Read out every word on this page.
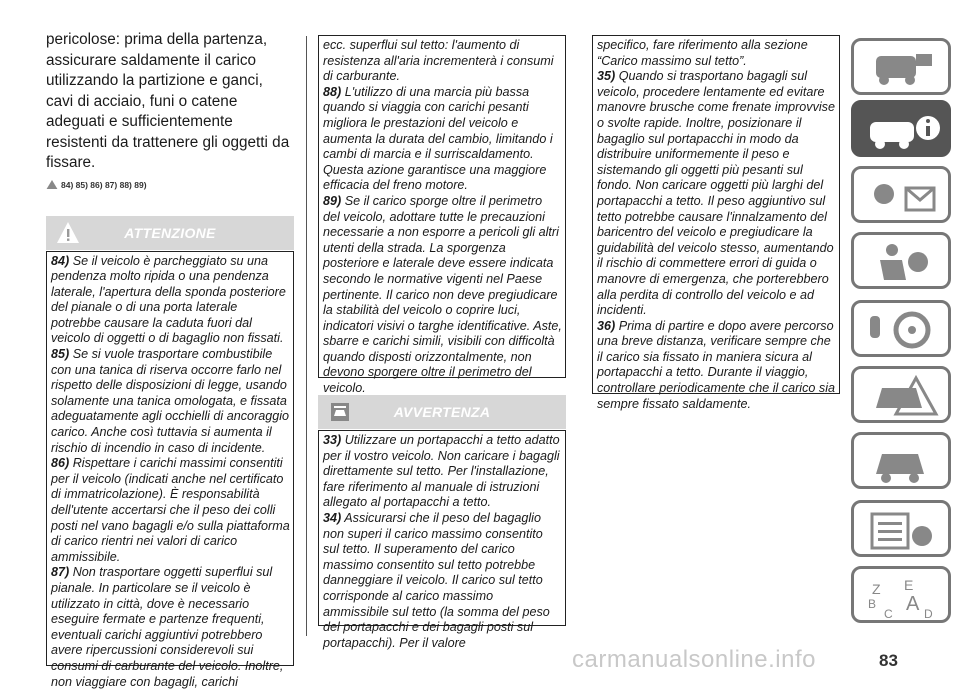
pericolose: prima della partenza, assicurare saldamente il carico utilizzando la partizione e ganci, cavi di acciaio, funi o catene adeguati e sufficientemente resistenti da trattenere gli oggetti da fissare.

84) 85) 86) 87) 88) 89)
ATTENZIONE

84) Se il veicolo è parcheggiato su una pendenza molto ripida o una pendenza laterale, l'apertura della sponda posteriore del pianale o di una porta laterale potrebbe causare la caduta fuori dal veicolo di oggetti o di bagaglio non fissati.

85) Se si vuole trasportare combustibile con una tanica di riserva occorre farlo nel rispetto delle disposizioni di legge, usando solamente una tanica omologata, e fissata adeguatamente agli occhielli di ancoraggio carico. Anche così tuttavia si aumenta il rischio di incendio in caso di incidente.

86) Rispettare i carichi massimi consentiti per il veicolo (indicati anche nel certificato di immatricolazione). È responsabilità dell'utente accertarsi che il peso dei colli posti nel vano bagagli e/o sulla piattaforma di carico rientri nei valori di carico ammissibile.

87) Non trasportare oggetti superflui sul pianale. In particolare se il veicolo è utilizzato in città, dove è necessario eseguire fermate e partenze frequenti, eventuali carichi aggiuntivi potrebbero avere ripercussioni considerevoli sui consumi di carburante del veicolo. Inoltre, non viaggiare con bagagli, carichi

ecc. superflui sul tetto: l'aumento di resistenza all'aria incrementerà i consumi di carburante.

88) L'utilizzo di una marcia più bassa quando si viaggia con carichi pesanti migliora le prestazioni del veicolo e aumenta la durata del cambio, limitando i cambi di marcia e il surriscaldamento. Questa azione garantisce una maggiore efficacia del freno motore.

89) Se il carico sporge oltre il perimetro del veicolo, adottare tutte le precauzioni necessarie a non esporre a pericoli gli altri utenti della strada. La sporgenza posteriore e laterale deve essere indicata secondo le normative vigenti nel Paese pertinente. Il carico non deve pregiudicare la stabilità del veicolo o coprire luci, indicatori visivi o targhe identificative. Aste, sbarre e carichi simili, visibili con difficoltà quando disposti orizzontalmente, non devono sporgere oltre il perimetro del veicolo.

AVVERTENZA

33) Utilizzare un portapacchi a tetto adatto per il vostro veicolo. Non caricare i bagagli direttamente sul tetto. Per l'installazione, fare riferimento al manuale di istruzioni allegato al portapacchi a tetto.

34) Assicurarsi che il peso del bagaglio non superi il carico massimo consentito sul tetto. Il superamento del carico massimo consentito sul tetto potrebbe danneggiare il veicolo. Il carico sul tetto corrisponde al carico massimo ammissibile sul tetto (la somma del peso del portapacchi e dei bagagli posti sul portapacchi). Per il valore

specifico, fare riferimento alla sezione “Carico massimo sul tetto”.

35) Quando si trasportano bagagli sul veicolo, procedere lentamente ed evitare manovre brusche come frenate improvvise o svolte rapide. Inoltre, posizionare il bagaglio sul portapacchi in modo da distribuire uniformemente il peso e sistemando gli oggetti più pesanti sul fondo. Non caricare oggetti più larghi del portapacchi a tetto. Il peso aggiuntivo sul tetto potrebbe causare l'innalzamento del baricentro del veicolo e pregiudicare la guidabilità del veicolo stesso, aumentando il rischio di commettere errori di guida o manovre di emergenza, che porterebbero alla perdita di controllo del veicolo e ad incidenti.

36) Prima di partire e dopo avere percorso una breve distanza, verificare sempre che il carico sia fissato in maniera sicura al portapacchi a tetto. Durante il viaggio, controllare periodicamente che il carico sia sempre fissato saldamente.

Z E
B A
C	D
carmanualsonline.info	83
